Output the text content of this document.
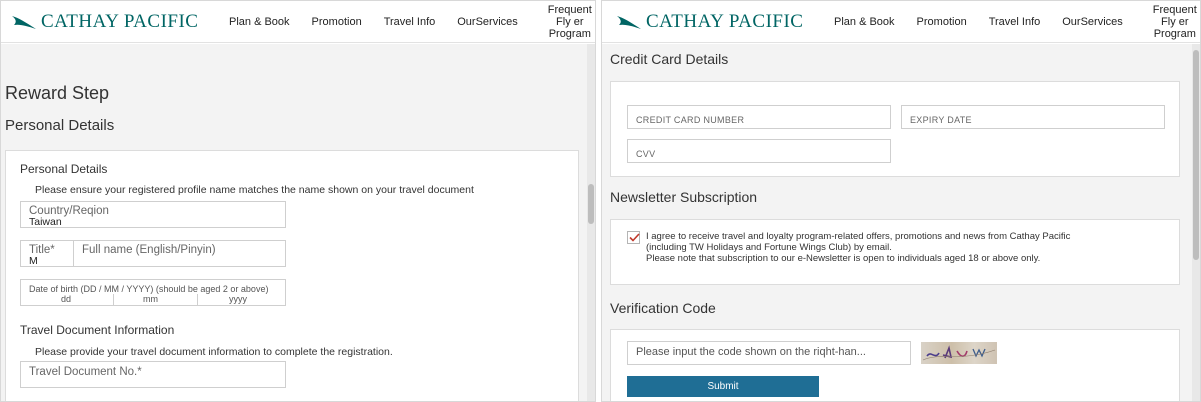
CATHAY PACIFIC	Plan & Book Promotion Travel Info OurServices
Frequent Fly er Program
Reward Step
Personal Details
Personal Details
Please ensure your registered profile name matches the name shown on your travel document
Country/Reqion
Taiwan
Title*
M
Full name (English/Pinyin)
Date of birth (DD / MM / YYYY) (should be aged 2 or above)
dd	mm	yyyy
Travel Document Information
Please provide your travel document information to complete the registration.
Travel Document No.*
CATHAY PACIFIC	Plan & Book Promotion Travel Info OurServices
Frequent Fly er Program
Credit Card Details
CREDIT CARD NUMBER	EXPIRY DATE
CVV
Newsletter Subscription
I agree to receive travel and loyalty program-related offers, promotions and news from Cathay Pacific
(including TW Holidays and Fortune Wings Club) by email.
Please note that subscription to our e-Newsletter is open to individuals aged 18 or above only.
Verification Code
Please input the code shown on the riqht-han...
Submit
